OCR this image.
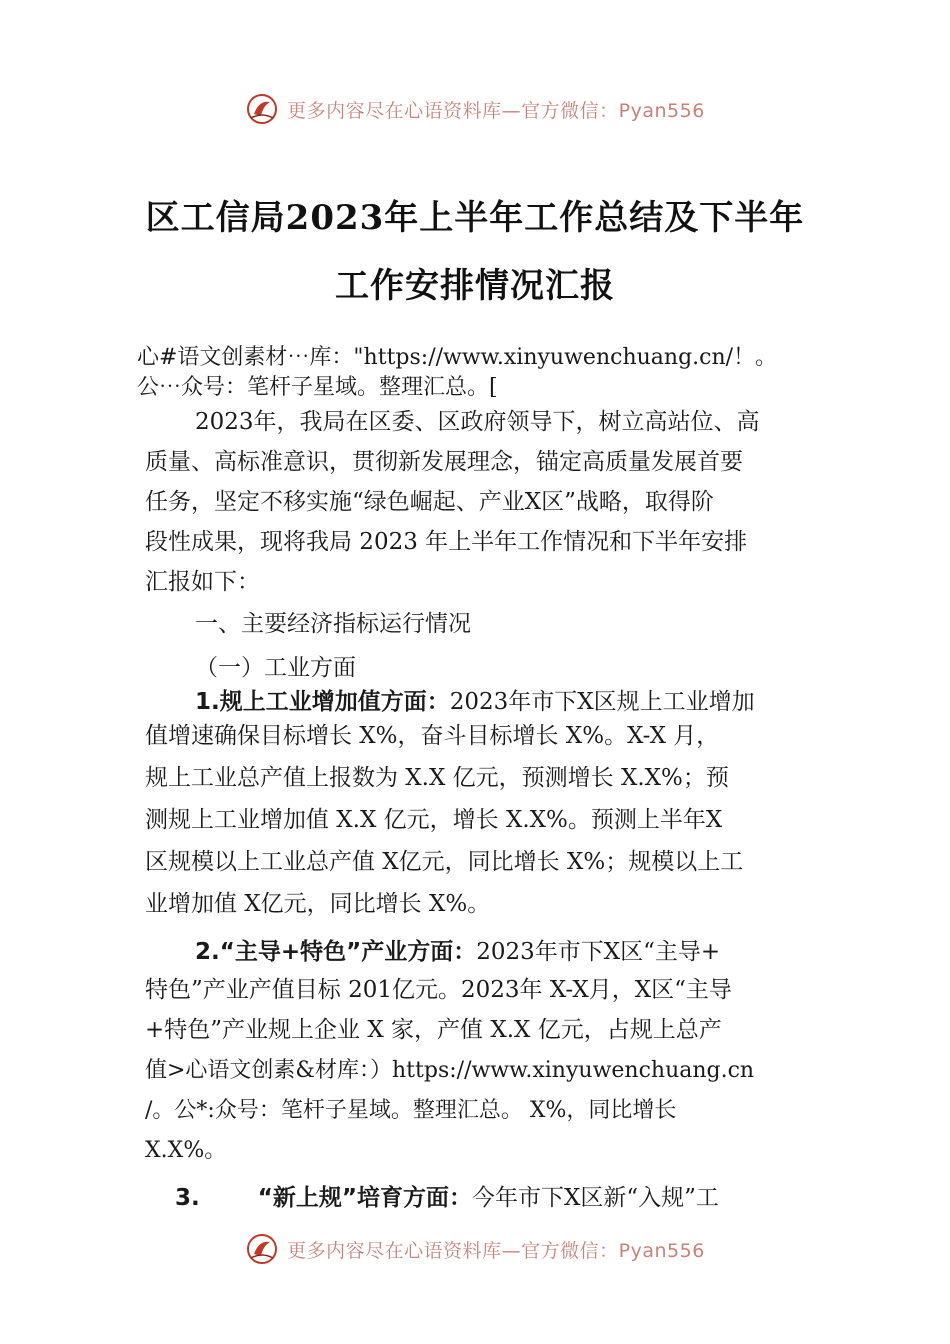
更多内容尽在心语资料库—官方微信：Pyan556
区工信局2023年上半年工作总结及下半年
工作安排情况汇报
心#语文创素材⋯库："https://www.xinyuwenchuang.cn/！。
公⋯众号：笔杆子星域。整理汇总。[
2023年，我局在区委、区政府领导下，树立高站位、高
质量、高标准意识，贯彻新发展理念，锚定高质量发展首要
任务，坚定不移实施“绿色崛起、产业X区”战略，取得阶
段性成果，现将我局 2023 年上半年工作情况和下半年安排
汇报如下：
一、主要经济指标运行情况
（一）工业方面
1.规上工业增加值方面：2023年市下X区规上工业增加
值增速确保目标增长 X%，奋斗目标增长 X%。X-X 月，
规上工业总产值上报数为 X.X 亿元，预测增长 X.X%；预
测规上工业增加值 X.X 亿元，增长 X.X%。预测上半年X
区规模以上工业总产值 X亿元，同比增长 X%；规模以上工
业增加值 X亿元，同比增长 X%。
2.“主导+特色”产业方面：2023年市下X区“主导+
特色”产业产值目标 201亿元。2023年 X-X月，X区“主导
+特色”产业规上企业 X 家，产值 X.X 亿元，占规上总产
值>心语文创素&材库：）https://www.xinyuwenchuang.cn
/。公*:众号：笔杆子星域。整理汇总。 X%，同比增长
X.X%。
3.	“新上规”培育方面：今年市下X区新“入规”工
更多内容尽在心语资料库—官方微信：Pyan556
